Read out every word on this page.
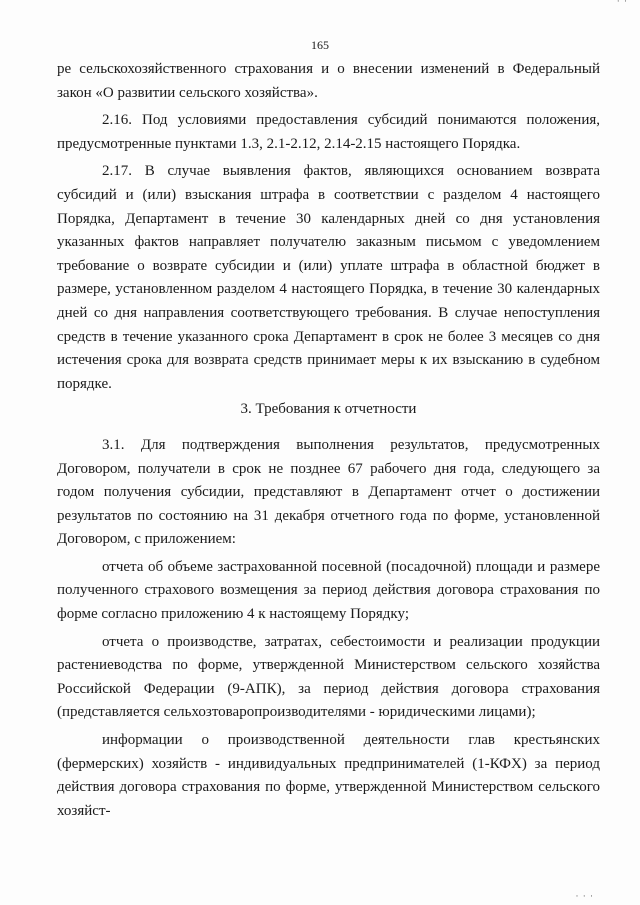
· ·
165

ре сельскохозяйственного страхования и о внесении изменений в Федеральный закон «О развитии сельского хозяйства».

2.16. Под условиями предоставления субсидий понимаются положения, предусмотренные пунктами 1.3, 2.1-2.12, 2.14-2.15 настоящего Порядка.

2.17. В случае выявления фактов, являющихся основанием возврата субсидий и (или) взыскания штрафа в соответствии с разделом 4 настоящего Порядка, Департамент в течение 30 календарных дней со дня установления указанных фактов направляет получателю заказным письмом с уведомлением требование о возврате субсидии и (или) уплате штрафа в областной бюджет в размере, установленном разделом 4 настоящего Порядка, в течение 30 календарных дней со дня направления соответствующего требования. В случае непоступления средств в течение указанного срока Департамент в срок не более 3 месяцев со дня истечения срока для возврата средств принимает меры к их взысканию в судебном порядке.

3. Требования к отчетности

3.1. Для подтверждения выполнения результатов, предусмотренных Договором, получатели в срок не позднее 67 рабочего дня года, следующего за годом получения субсидии, представляют в Департамент отчет о достижении результатов по состоянию на 31 декабря отчетного года по форме, установленной Договором, с приложением:

отчета об объеме застрахованной посевной (посадочной) площади и размере полученного страхового возмещения за период действия договора страхования по форме согласно приложению 4 к настоящему Порядку;

отчета о производстве, затратах, себестоимости и реализации продукции растениеводства по форме, утвержденной Министерством сельского хозяйства Российской Федерации (9-АПК), за период действия договора страхования (представляется сельхозтоваропроизводителями - юридическими лицами);

информации о производственной деятельности глав крестьянских (фермерских) хозяйств - индивидуальных предпринимателей (1-КФХ) за период действия договора страхования по форме, утвержденной Министерством сельского хозяйст-

· · ·
